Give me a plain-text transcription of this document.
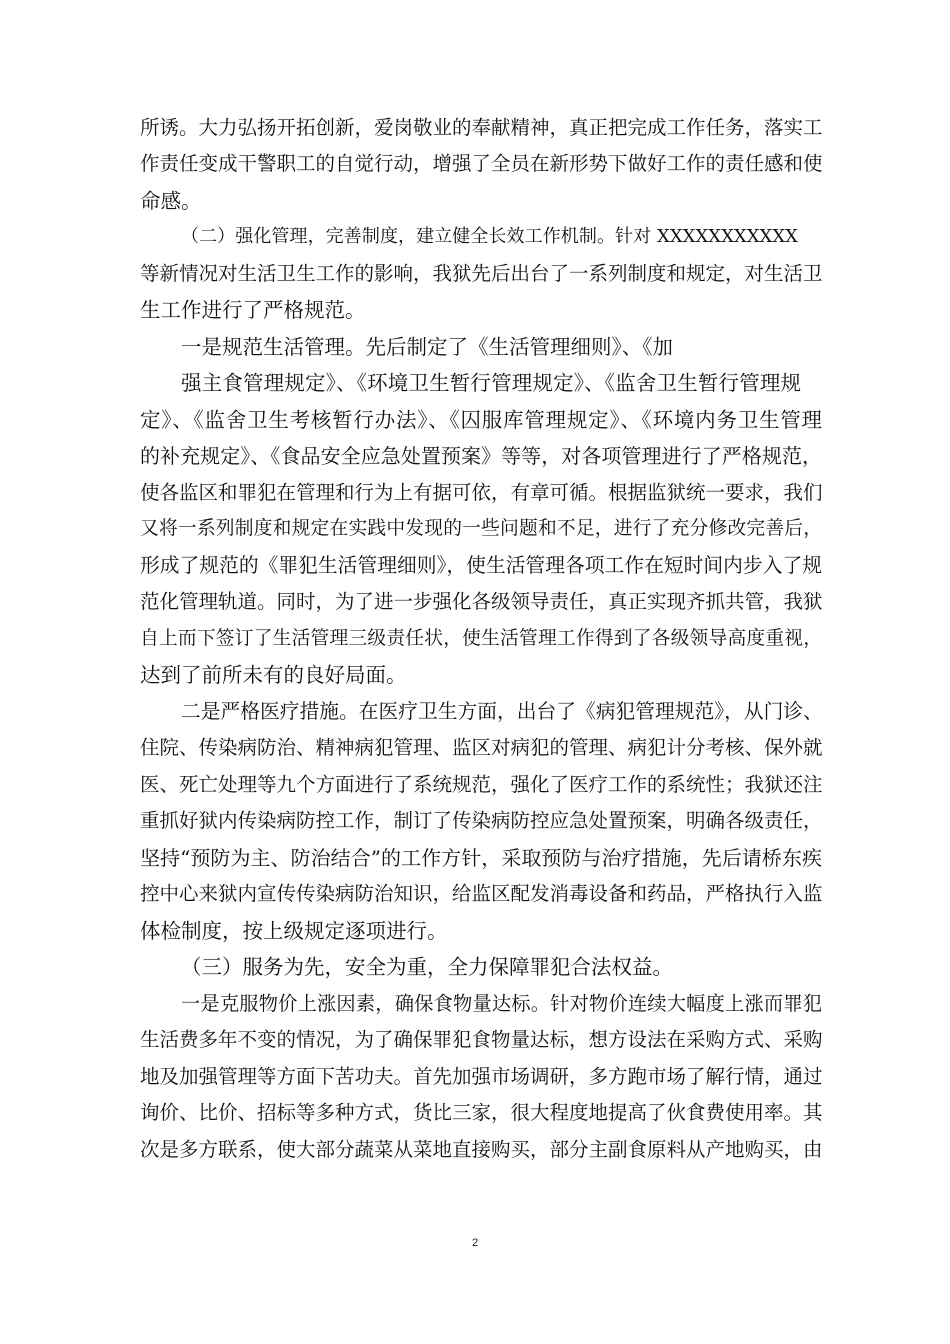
所诱。大力弘扬开拓创新，爱岗敬业的奉献精神，真正把完成工作任务，落实工
作责任变成干警职工的自觉行动，增强了全员在新形势下做好工作的责任感和使
命感。
（二）强化管理，完善制度，建立健全长效工作机制。针对 XXXXXXXXXXX
等新情况对生活卫生工作的影响，我狱先后出台了一系列制度和规定，对生活卫
生工作进行了严格规范。
一是规范生活管理。先后制定了《生活管理细则》、《加
强主食管理规定》、《环境卫生暂行管理规定》、《监舍卫生暂行管理规
定》、《监舍卫生考核暂行办法》、《囚服库管理规定》、《环境内务卫生管理
的补充规定》、《食品安全应急处置预案》等等，对各项管理进行了严格规范，
使各监区和罪犯在管理和行为上有据可依，有章可循。根据监狱统一要求，我们
又将一系列制度和规定在实践中发现的一些问题和不足，进行了充分修改完善后，
形成了规范的《罪犯生活管理细则》，使生活管理各项工作在短时间内步入了规
范化管理轨道。同时，为了进一步强化各级领导责任，真正实现齐抓共管，我狱
自上而下签订了生活管理三级责任状，使生活管理工作得到了各级领导高度重视，
达到了前所未有的良好局面。
二是严格医疗措施。在医疗卫生方面，出台了《病犯管理规范》，从门诊、
住院、传染病防治、精神病犯管理、监区对病犯的管理、病犯计分考核、保外就
医、死亡处理等九个方面进行了系统规范，强化了医疗工作的系统性；我狱还注
重抓好狱内传染病防控工作，制订了传染病防控应急处置预案，明确各级责任，
坚持“预防为主、防治结合”的工作方针，采取预防与治疗措施，先后请桥东疾
控中心来狱内宣传传染病防治知识，给监区配发消毒设备和药品，严格执行入监
体检制度，按上级规定逐项进行。
（三）服务为先，安全为重，全力保障罪犯合法权益。
一是克服物价上涨因素，确保食物量达标。针对物价连续大幅度上涨而罪犯
生活费多年不变的情况，为了确保罪犯食物量达标，想方设法在采购方式、采购
地及加强管理等方面下苦功夫。首先加强市场调研，多方跑市场了解行情，通过
询价、比价、招标等多种方式，货比三家，很大程度地提高了伙食费使用率。其
次是多方联系，使大部分蔬菜从菜地直接购买，部分主副食原料从产地购买，由
2
